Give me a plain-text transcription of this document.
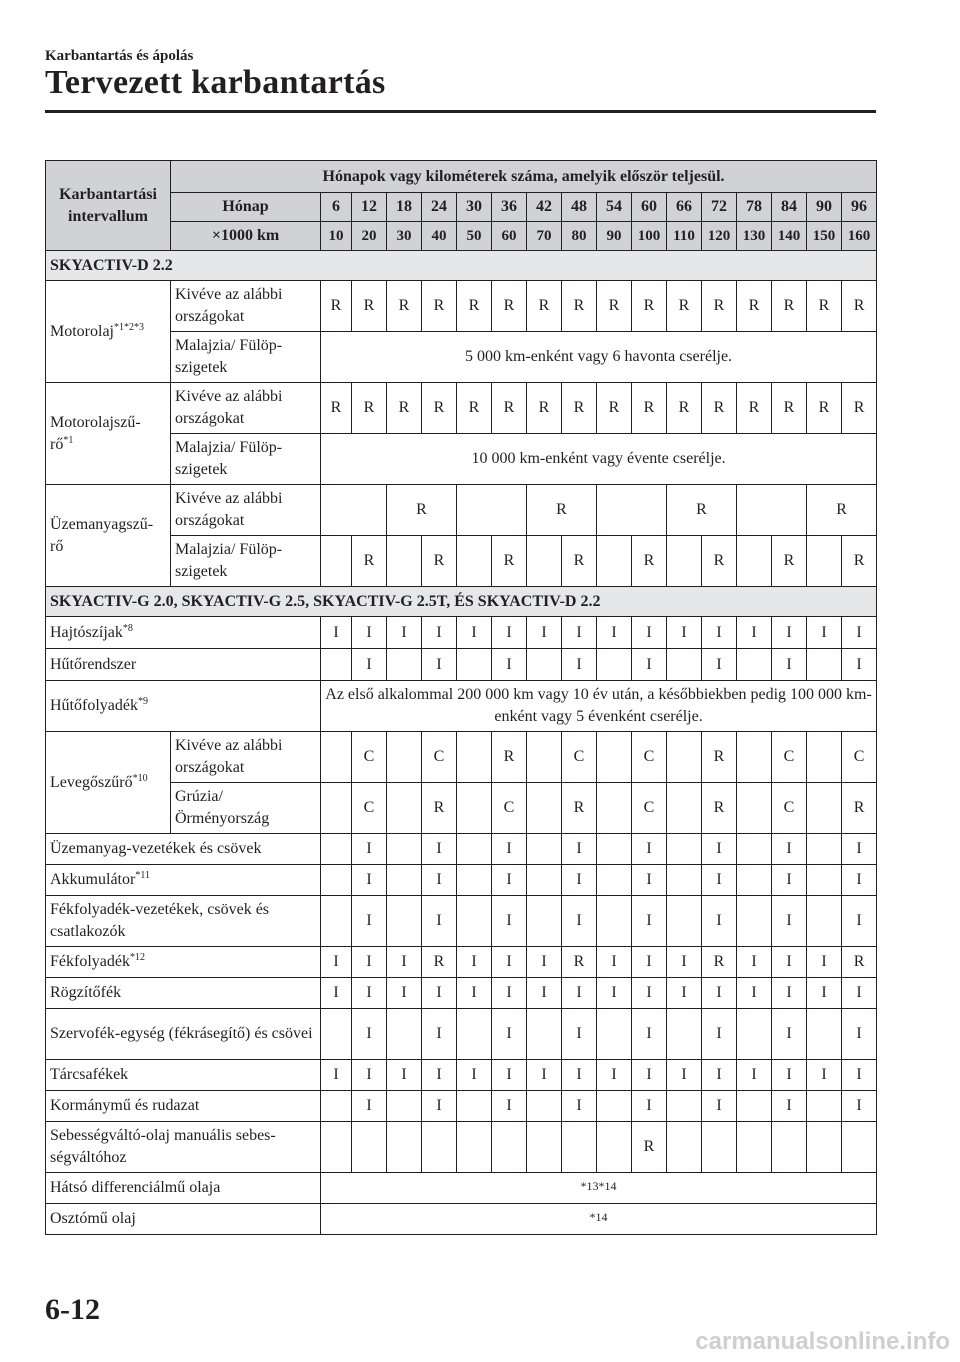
Karbantartás és ápolás
Tervezett karbantartás
Karbantartási intervallum	Hónapok vagy kilométerek száma, amelyik először teljesül.																
	Hónap	6	12	18	24	30	36	42	48	54	60	66	72	78	84	90	96
	×1000 km	10	20	30	40	50	60	70	80	90	100	110	120	130	140	150	160
SKYACTIV-D 2.2																	
Motorolaj$^{*1*2*3}$	Kivéve az alábbi országokat	R	R	R	R	R	R	R	R	R	R	R	R	R	R	R	R
	Malajzia/ Fülöp-szigetek	5 000 km-enként vagy 6 havonta cserélje.															
Motorolajszű- $rő^{*1}$	Kivéve az alábbi országokat	R	R	R	R	R	R	R	R	R	R	R	R	R	R	R	R
	Malajzia/ Fülöp-szigetek	10 000 km-enként vagy évente cserélje.															
Üzemanyagszű- rő	Kivéve az alábbi országokat			R				R				R				R	
	Malajzia/ Fülöp-szigetek		R		R		R		R		R		R		R		R
SKYACTIV-G 2.0, SKYACTIV-G 2.5, SKYACTIV-G 2.5T, ÉS SKYACTIV-D 2.2																	
Hajtószíjak$^{*8}$		I	I	I	I	I	I	I	I	I	I	I	I	I	I	I	I
Hűtőrendszer			I		I		I		I		I		I		I		I
Hűtőfolyadék$^{*9}$		Az első alkalommal 200 000 km vagy 10 év után, a későbbiekben pedig 100 000 km-enként vagy 5 évenként cserélje.															
Levegőszűrő$^{*10}$	Kivéve az alábbi országokat		C		C		R		C		C		R		C		C
	Grúzia/ Örményország		C		R		C		R		C		R		C		R
Üzemanyag-vezetékek és csövek			I		I		I		I		I		I		I		I
Akkumulátor$^{*11}$			I		I		I		I		I		I		I		I
Fékfolyadék-vezetékek, csövek és csatlakozók			I		I		I		I		I		I		I		I
Fékfolyadék$^{*12}$		I	I	I	R	I	I	I	R	I	I	I	R	I	I	I	R
Rögzítőfék		I	I	I	I	I	I	I	I	I	I	I	I	I	I	I	I
Szervofék-egység (fékrásegítő) és csövei			I		I		I		I		I		I		I		I
Tárcsafékek		I	I	I	I	I	I	I	I	I	I	I	I	I	I	I	I
Kormánymű és rudazat			I		I		I		I		I		I		I		I
Sebességváltó-olaj manuális sebes- ségváltóhoz											R						
Hátsó differenciálmű olaja		*13*14															
Osztómű olaj		*14															
6-12
carmanualsonline.info
